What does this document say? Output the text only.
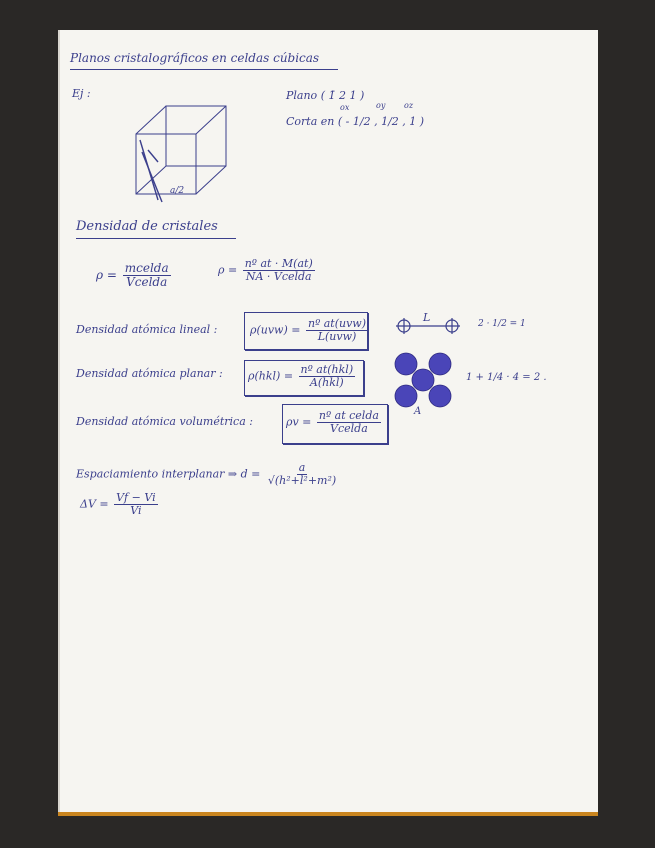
Planos cristalográficos en celdas cúbicas
Ej :
a/2
Plano ( 1̄ 2 1 )
ox	oy oz
Corta en ( - 1/2 , 1/2 , 1 )
Densidad de cristales
$\rho = \frac{\text{mcelda}}{\text{Vcelda}}$	$\rho = \frac{\text{nº at · M(at)}}{\text{NA · Vcelda}}$
Densidad atómica lineal :	$\rho(uvw) = \frac{\text{nº at(uvw)}}{\text{L(uvw)}}$
L	2 · 1/2 = 1
Densidad atómica planar : $\rho(hkl) = \frac{\text{nº at(hkl)}}{\text{A(hkl)}}$
A
1 + 1/4 · 4 = 2 .
Densidad atómica volumétrica :	$\rho v = \frac{\text{nº at celda}}{\text{Vcelda}}$
Espaciamiento interplanar ⇒ $d = \frac{a}{\text{√(h²+l²+m²)}}$
$\Delta V = \frac{Vf - Vi}{Vi}$
